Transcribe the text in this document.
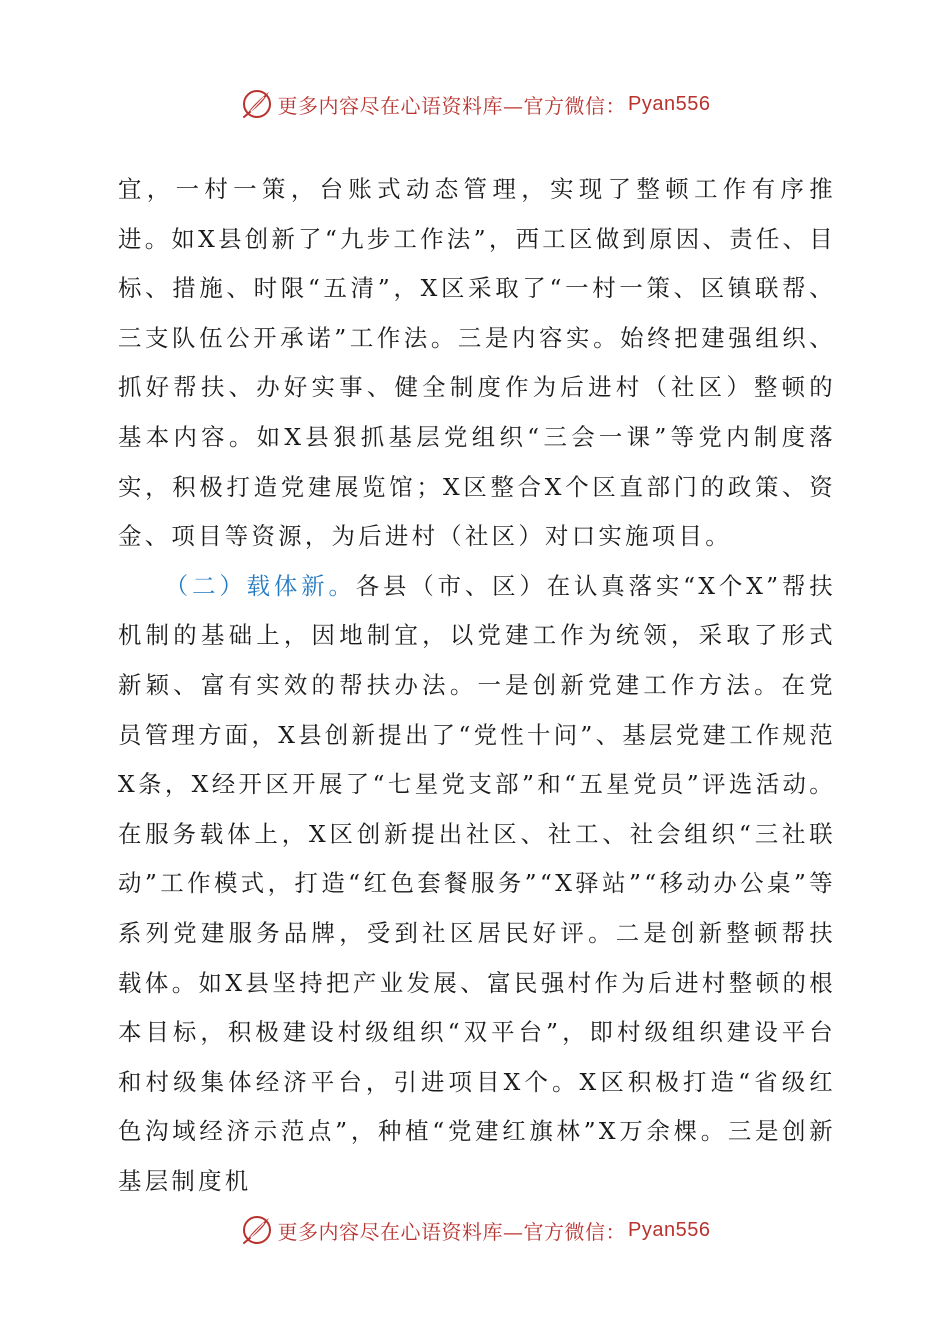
更多内容尽在心语资料库—官方微信： Pyan556

宜，一村一策，台账式动态管理，实现了整顿工作有序推进。如X县创新了“九步工作法”，西工区做到原因、责任、目标、措施、时限“五清”，X区采取了“一村一策、区镇联帮、三支队伍公开承诺”工作法。三是内容实。始终把建强组织、抓好帮扶、办好实事、健全制度作为后进村（社区）整顿的基本内容。如X县狠抓基层党组织“三会一课”等党内制度落实，积极打造党建展览馆；X区整合X个区直部门的政策、资金、项目等资源，为后进村（社区）对口实施项目。

（二）载体新。各县（市、区）在认真落实“X个X”帮扶机制的基础上，因地制宜，以党建工作为统领，采取了形式新颖、富有实效的帮扶办法。一是创新党建工作方法。在党员管理方面，X县创新提出了“党性十问”、基层党建工作规范X条，X经开区开展了“七星党支部”和“五星党员”评选活动。在服务载体上，X区创新提出社区、社工、社会组织“三社联动”工作模式，打造“红色套餐服务”“X驿站”“移动办公桌”等系列党建服务品牌，受到社区居民好评。二是创新整顿帮扶载体。如X县坚持把产业发展、富民强村作为后进村整顿的根本目标，积极建设村级组织“双平台”，即村级组织建设平台和村级集体经济平台，引进项目X个。X区积极打造“省级红色沟域经济示范点”，种植“党建红旗林”X万余棵。三是创新基层制度机

更多内容尽在心语资料库—官方微信： Pyan556
